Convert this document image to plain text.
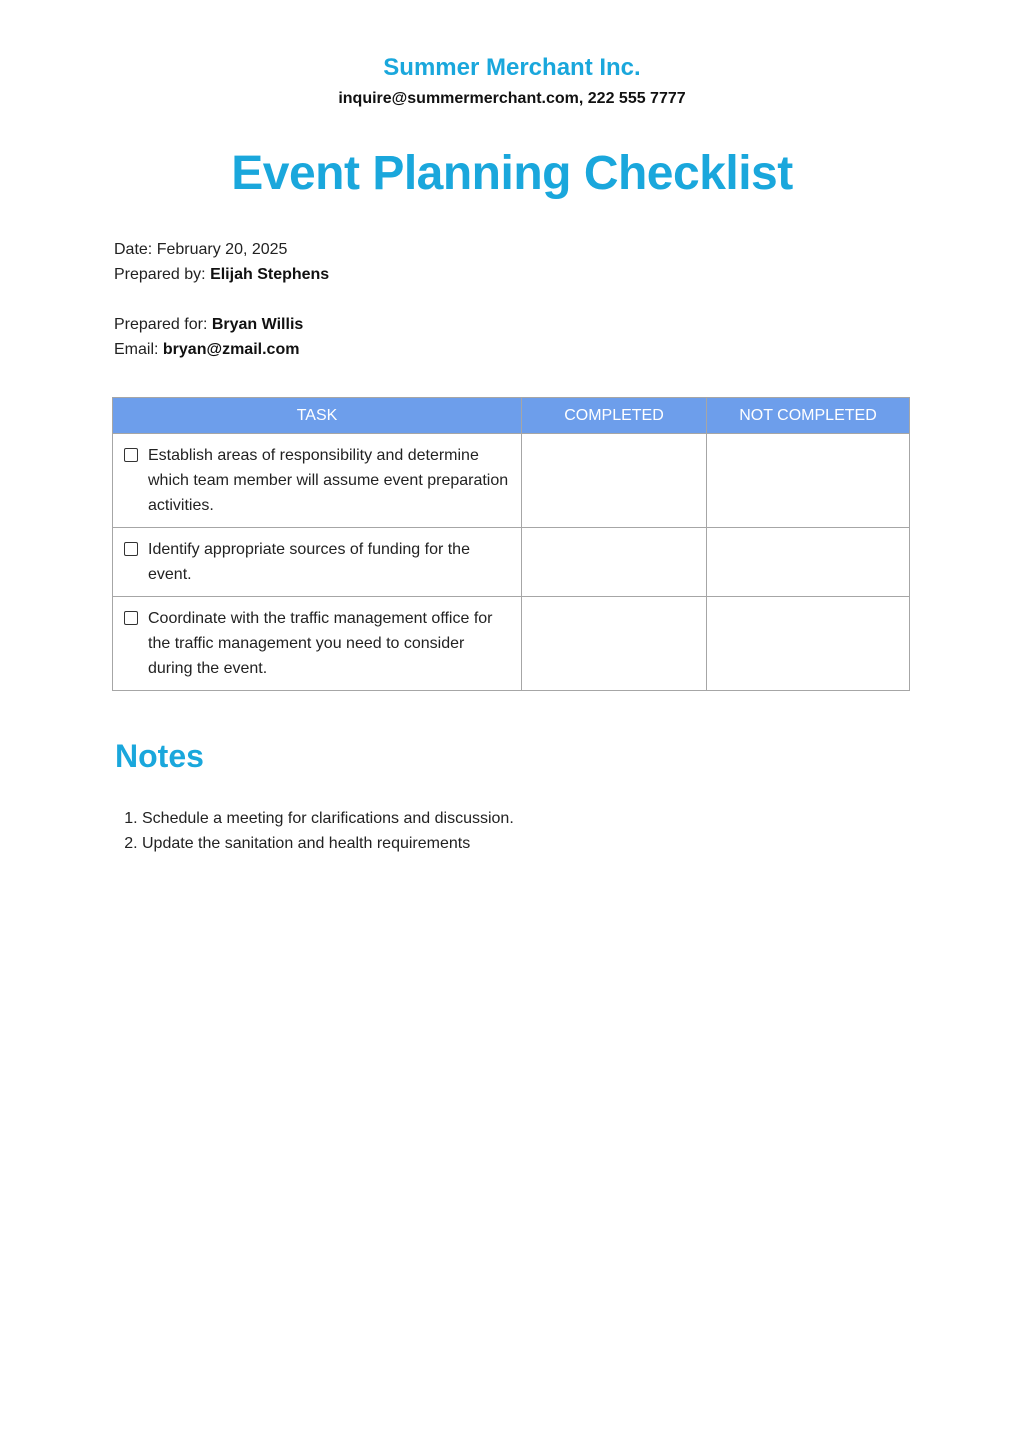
Summer Merchant Inc.
inquire@summermerchant.com, 222 555 7777
Event Planning Checklist
Date: February 20, 2025
Prepared by: Elijah Stephens
Prepared for: Bryan Willis
Email: bryan@zmail.com
TASK	COMPLETED	NOT COMPLETED

Establish areas of responsibility and determine which team member will assume event preparation activities.		

Identify appropriate sources of funding for the event.		

Coordinate with the traffic management office for the traffic management you need to consider during the event.		
Notes
1. Schedule a meeting for clarifications and discussion.
2. Update the sanitation and health requirements
